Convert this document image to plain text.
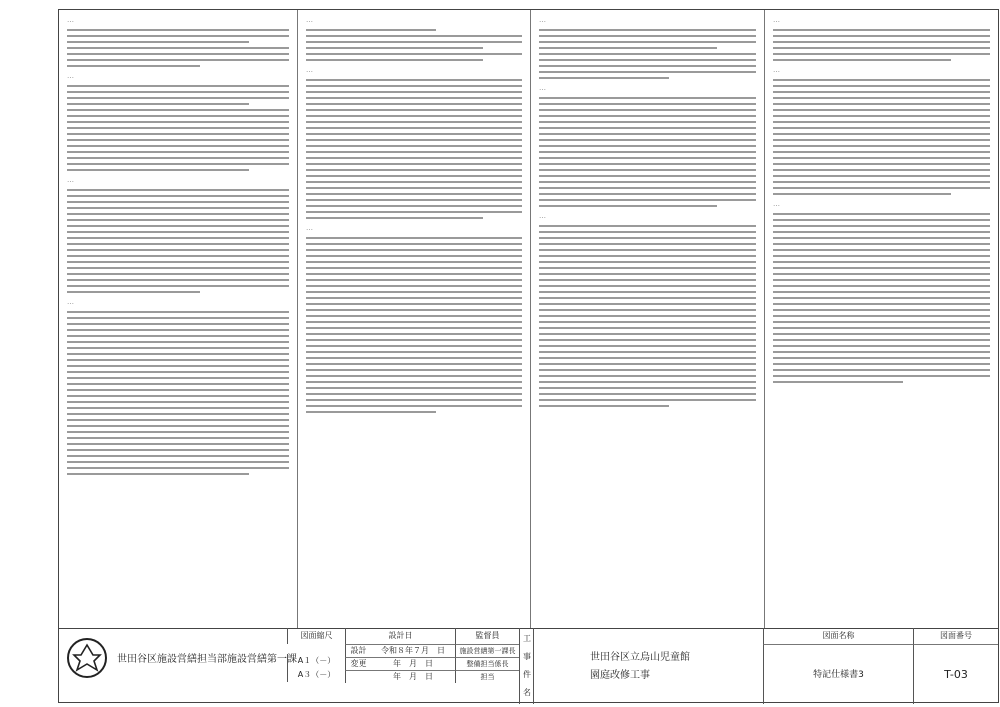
…
…
…
…
…
…
…
…
…
…
…
…
…
世田谷区施設営繕担当部施設営繕第一課
図面縮尺
A１（－）
A３（－）
設計日
設計	令和８年７月　日
変更	年　月　日
年　月　日
監督員
施設営繕第一課長
整備担当係長
担当
工
事
件
名
世田谷区立烏山児童館
園庭改修工事
図面名称
特記仕様書3
図面番号
T-03
